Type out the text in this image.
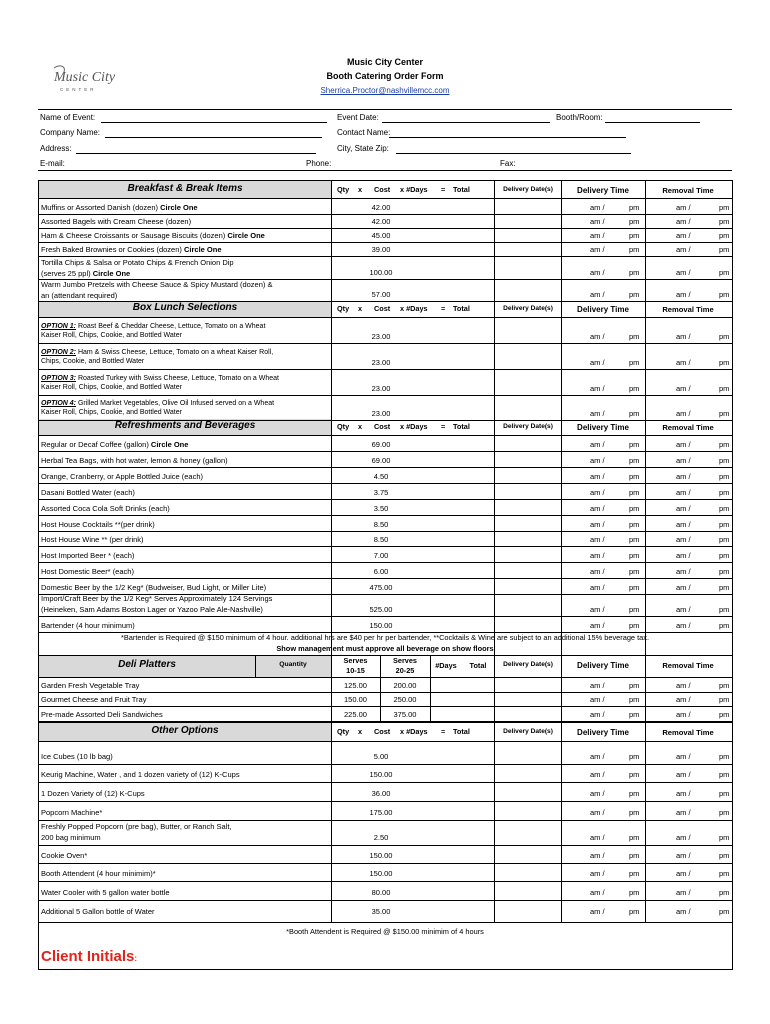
Music City Center
Booth Catering Order Form
Sherrica.Proctor@nashvillemcc.com
Music City
CENTER
Name of Event:	Event Date:	Booth/Room:
Company Name:	Contact Name:
Address:	City, State Zip:
E-mail:	Phone:	Fax:
Breakfast & Break Items
Box Lunch Selections
Refreshments and Beverages
Deli Platters
Other Options
Qty x Cost x #Days = Total
Qty x Cost x #Days = Total
Qty x Cost x #Days = Total
Qty x Cost x #Days = Total
Delivery Date(s)	Delivery Time	Removal Time
Delivery Date(s)	Delivery Time	Removal Time
Delivery Date(s)	Delivery Time	Removal Time
Delivery Date(s)	Delivery Time	Removal Time
Delivery Date(s)	Delivery Time	Removal Time
Quantity	Serves
10-15
Serves
20-25
#Days	Total
Muffins or Assorted Danish (dozen) Circle One	42.00	am /	pm	am /	pm
Assorted Bagels with Cream Cheese (dozen)	42.00	am /	pm	am /	pm
Ham & Cheese Croissants or Sausage Biscuits (dozen) Circle One	45.00	am /	pm	am /	pm
Fresh Baked Brownies or Cookies (dozen) Circle One	39.00	am /	pm	am /	pm
Tortilla Chips & Salsa or Potato Chips & French Onion Dip
(serves 25 ppl) Circle One	100.00	am /	pm	am /	pm
Warm Jumbo Pretzels with Cheese Sauce & Spicy Mustard (dozen) &
an (attendant required)	57.00	am /	pm	am /	pm
OPTION 1: Roast Beef & Cheddar Cheese, Lettuce, Tomato on a Wheat
Kaiser Roll, Chips, Cookie, and Bottled Water	23.00	am /	pm	am /	pm
OPTION 2: Ham & Swiss Cheese, Lettuce, Tomato on a wheat Kaiser Roll,
Chips, Cookie, and Bottled Water	23.00	am /	pm	am /	pm
OPTION 3: Roasted Turkey with Swiss Cheese, Lettuce, Tomato on a Wheat
Kaiser Roll, Chips, Cookie, and Bottled Water	23.00	am /	pm	am /	pm
OPTION 4: Grilled Market Vegetables, Olive Oil Infused served on a Wheat
Kaiser Roll, Chips, Cookie, and Bottled Water	23.00	am /	pm	am /	pm
Regular or Decaf Coffee (gallon) Circle One	69.00	am /	pm	am /	pm
Herbal Tea Bags, with hot water, lemon & honey (gallon)	69.00	am /	pm	am /	pm
Orange, Cranberry, or Apple Bottled Juice (each)	4.50	am /	pm	am /	pm
Dasani Bottled Water (each)	3.75	am /	pm	am /	pm
Assorted Coca Cola Soft Drinks (each)	3.50	am /	pm	am /	pm
Host House Cocktails **(per drink)	8.50	am /	pm	am /	pm
Host House Wine ** (per drink)	8.50	am /	pm	am /	pm
Host Imported Beer * (each)	7.00	am /	pm	am /	pm
Host Domestic Beer* (each)	6.00	am /	pm	am /	pm
Domestic Beer by the 1/2 Keg* (Budweiser, Bud Light, or Miller Lite)	475.00	am /	pm	am /	pm
Import/Craft Beer by the 1/2 Keg* Serves Approximately 124 Servings
(Heineken, Sam Adams Boston Lager or Yazoo Pale Ale-Nashville)	525.00	am /	pm	am /	pm
Bartender (4 hour minimum)	150.00	am /	pm	am /	pm
Garden Fresh Vegetable Tray	125.00	200.00	am /	pm	am /	pm
Gourmet Cheese and Fruit Tray	150.00	250.00	am /	pm	am /	pm
Pre-made Assorted Deli Sandwiches	225.00	375.00	am /	pm	am /	pm
Ice Cubes (10 lb bag)	5.00	am /	pm	am /	pm
Keurig Machine, Water , and 1 dozen variety of (12) K-Cups	150.00	am /	pm	am /	pm
1 Dozen Variety of (12) K-Cups	36.00	am /	pm	am /	pm
Popcorn Machine*	175.00	am /	pm	am /	pm
Freshly Popped Popcorn (pre bag), Butter, or Ranch Salt,
200 bag minimum	2.50	am /	pm	am /	pm
Cookie Oven*	150.00	am /	pm	am /	pm
Booth Attendent (4 hour minimim)*	150.00	am /	pm	am /	pm
Water Cooler with 5 gallon water bottle	80.00	am /	pm	am /	pm
Additional 5 Gallon bottle of Water	35.00	am /	pm	am /	pm
*Bartender is Required @ $150 minimum of 4 hour. additional hrs are $40 per hr per bartender, **Cocktails & Wine are subject to an additional 15% beverage tax.
Show management must approve all beverage on show floors
*Booth Attendent is Required @ $150.00 minimim of 4 hours
Client Initials:
